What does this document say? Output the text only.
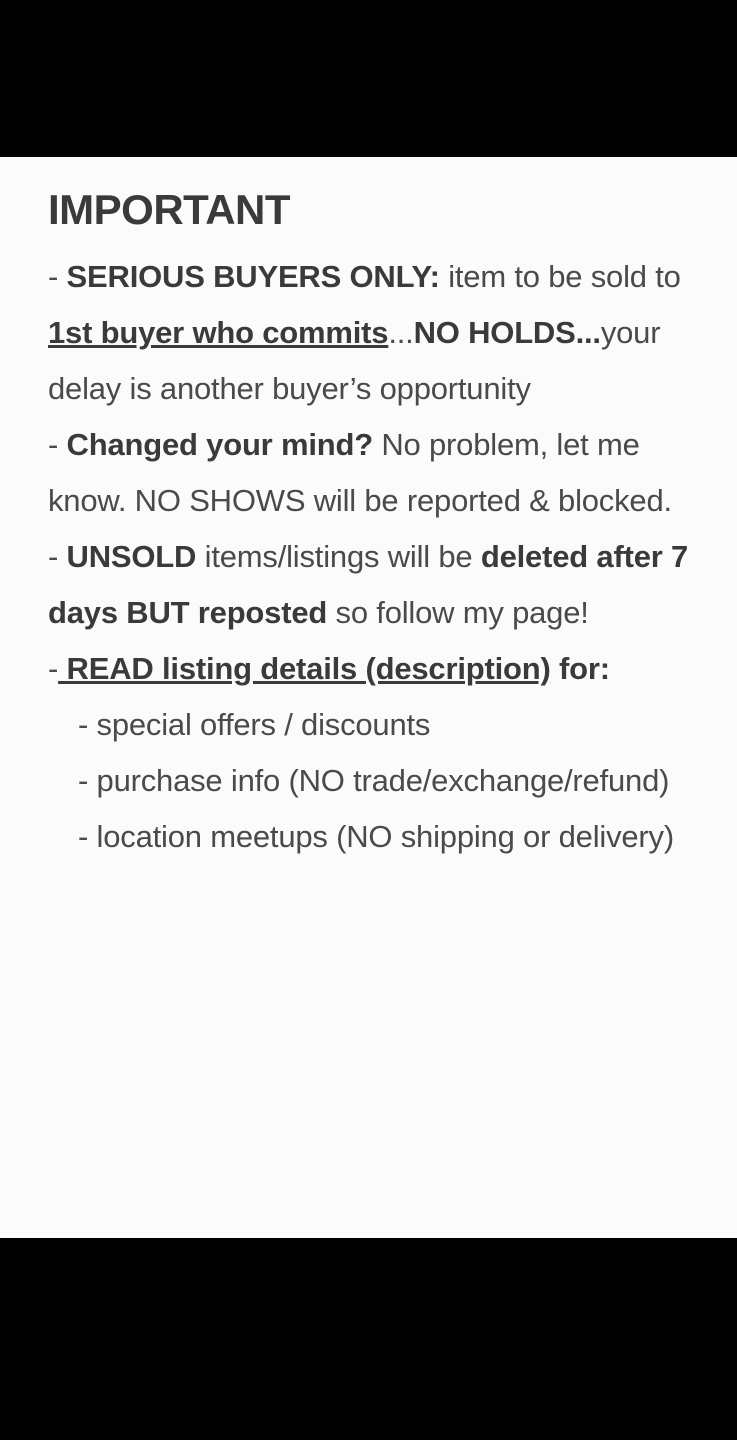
IMPORTANT

- SERIOUS BUYERS ONLY: item to be sold to 1st buyer who commits...NO HOLDS...your delay is another buyer’s opportunity

- Changed your mind? No problem, let me know. NO SHOWS will be reported & blocked.

- UNSOLD items/listings will be deleted after 7 days BUT reposted so follow my page!

- READ listing details (description) for:

- special offers / discounts

- purchase info (NO trade/exchange/refund)

- location meetups (NO shipping or delivery)
